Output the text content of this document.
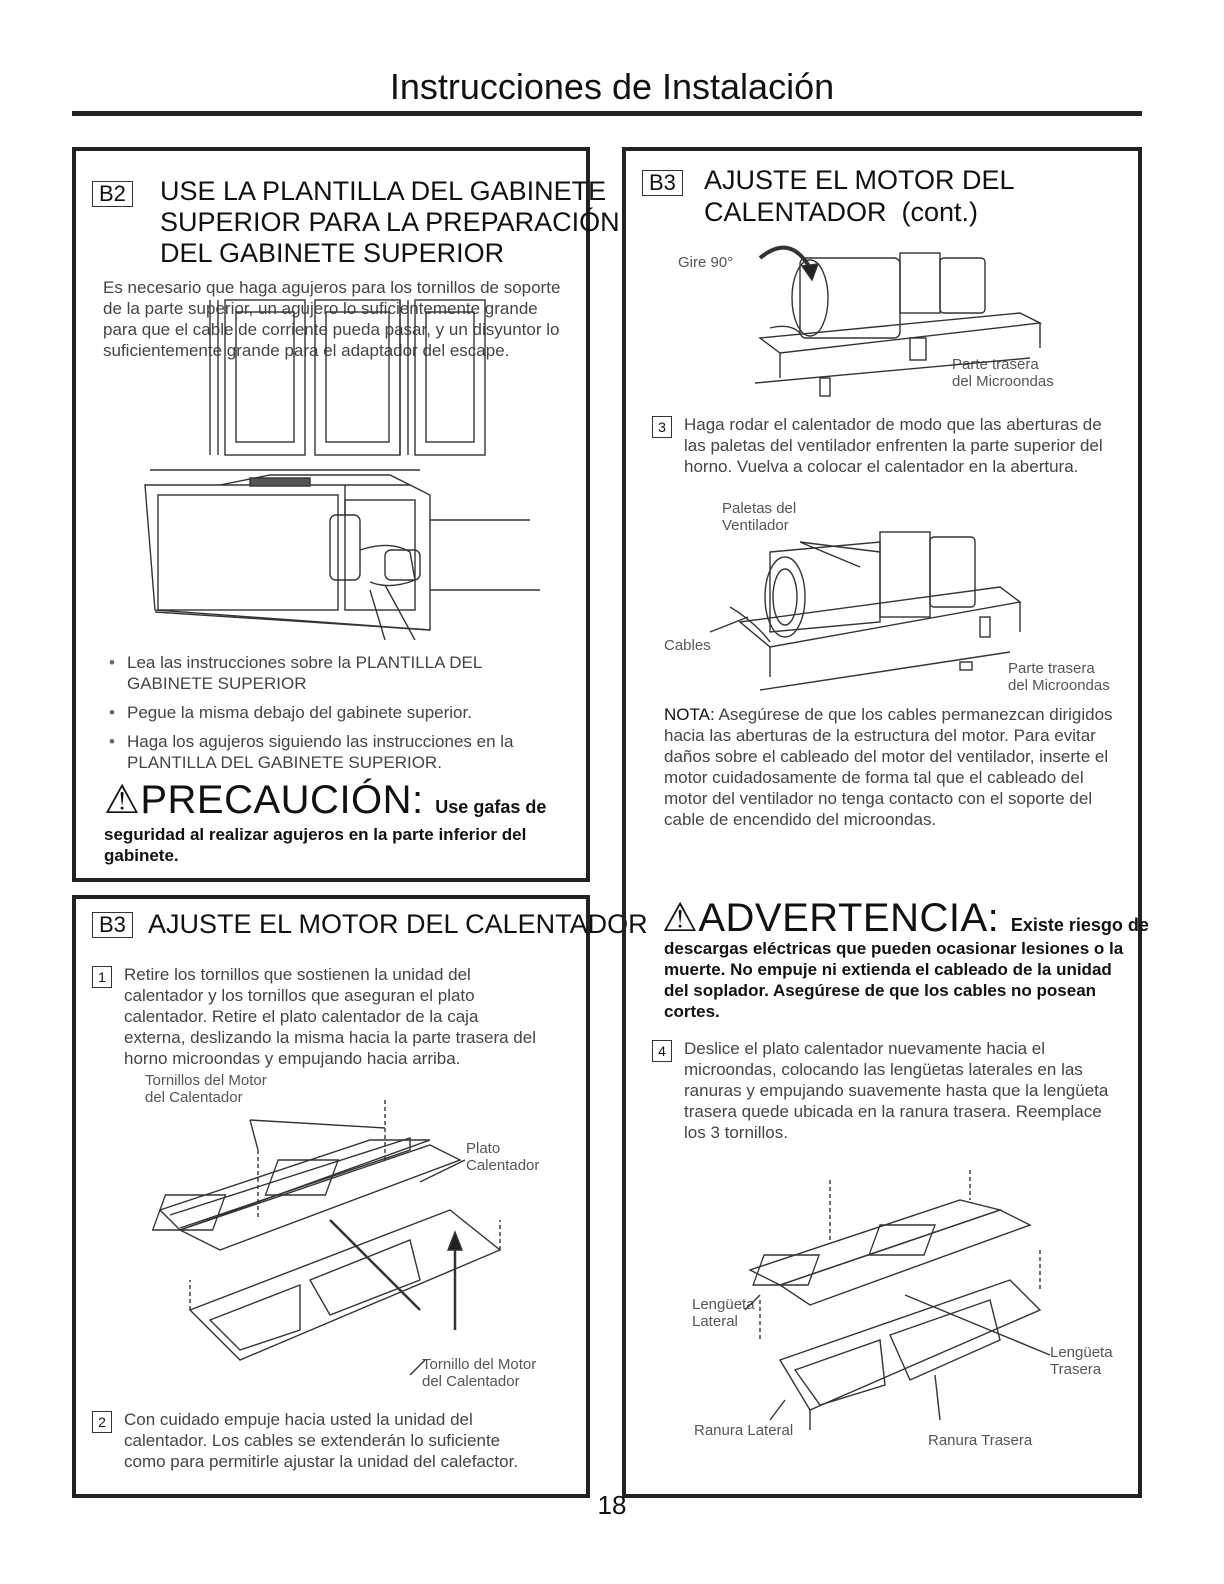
Instrucciones de Instalación
B2 USE LA PLANTILLA DEL GABINETE
SUPERIOR PARA LA PREPARACIÓN
DEL GABINETE SUPERIOR
Es necesario que haga agujeros para los tornillos de soporte de la parte superior, un agujero lo suficientemente grande para que el cable de corriente pueda pasar, y un disyuntor lo suficientemente grande para el adaptador del escape.
• Lea las instrucciones sobre la PLANTILLA DEL GABINETE SUPERIOR
• Pegue la misma debajo del gabinete superior.
• Haga los agujeros siguiendo las instrucciones en la PLANTILLA DEL GABINETE SUPERIOR.
⚠PRECAUCIÓN: Use gafas de
seguridad al realizar agujeros en la parte inferior del gabinete.
B3 AJUSTE EL MOTOR DEL CALENTADOR
1	Retire los tornillos que sostienen la unidad del calentador y los tornillos que aseguran el plato calentador. Retire el plato calentador de la caja externa, deslizando la misma hacia la parte trasera del horno microondas y empujando hacia arriba.
Tornillos del Motor
del Calentador
Plato
Calentador
Tornillo del Motor
del Calentador
2	Con cuidado empuje hacia usted la unidad del calentador. Los cables se extenderán lo suficiente como para permitirle ajustar la unidad del calefactor.
B3 AJUSTE EL MOTOR DEL
CALENTADOR  (cont.)
Gire 90°
Parte trasera
del Microondas
3	Haga rodar el calentador de modo que las aberturas de las paletas del ventilador enfrenten la parte superior del horno. Vuelva a colocar el calentador en la abertura.
Paletas del
Ventilador
Cables
Parte trasera
del Microondas
NOTA: Asegúrese de que los cables permanezcan dirigidos hacia las aberturas de la estructura del motor. Para evitar daños sobre el cableado del motor del ventilador, inserte el motor cuidadosamente de forma tal que el cableado del motor del ventilador no tenga contacto con el soporte del cable de encendido del microondas.
⚠ADVERTENCIA: Existe riesgo de
descargas eléctricas que pueden ocasionar lesiones o la muerte. No empuje ni extienda el cableado de la unidad del soplador. Asegúrese de que los cables no posean cortes.
4	Deslice el plato calentador nuevamente hacia el microondas, colocando las lengüetas laterales en las ranuras y empujando suavemente hasta que la lengüeta trasera quede ubicada en la ranura trasera. Reemplace los 3 tornillos.
Lengüeta
Lateral
Lengüeta
Trasera
Ranura Lateral
Ranura Trasera
18
